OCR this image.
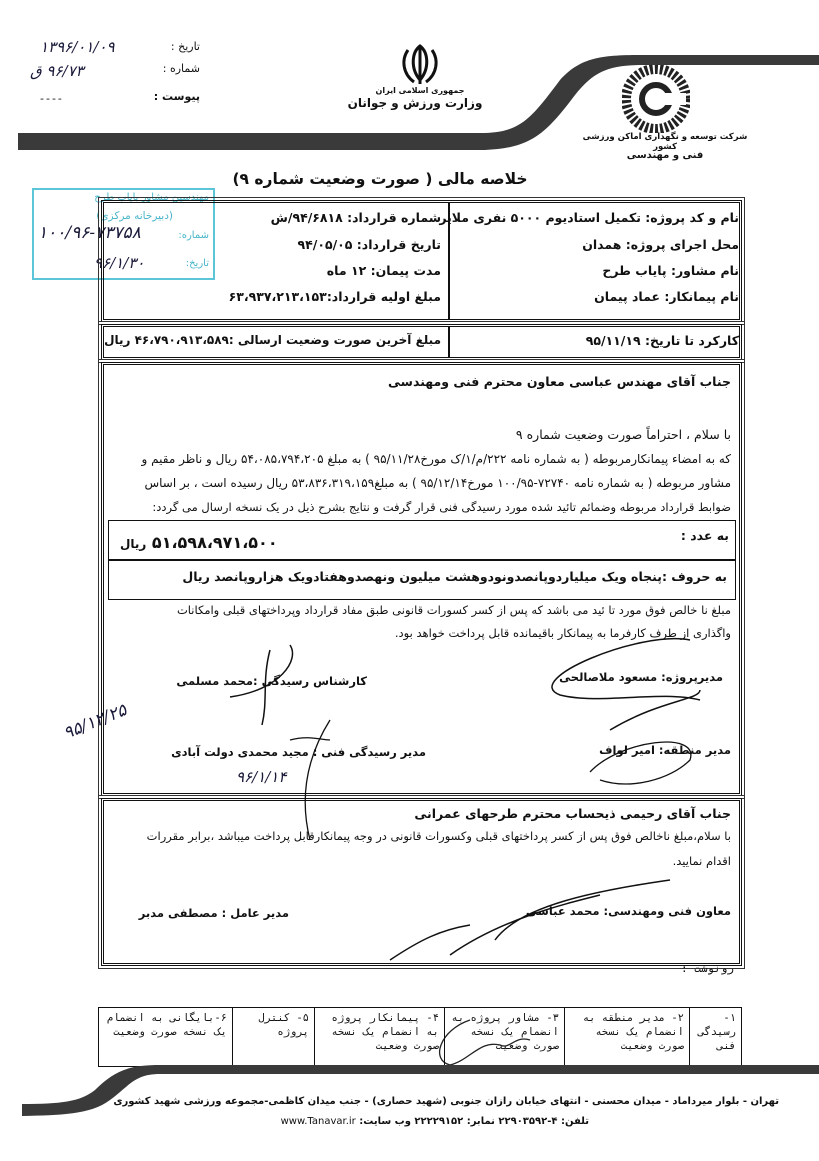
تاریخ :
۱۳۹۶/۰۱/۰۹
شماره :
۹۶/۷۳ ق
پیوست :
----
جمهوری اسلامی ایران
وزارت ورزش و جوانان
شرکت توسعه و نگهداری اماکن ورزشی کشور
فنی و مهندسی
مهندسین مشاور پایاب طرح
(دبیرخانه مرکزی)
شماره:
۱۰۰/۹۶-۷۳۷۵۸
تاریخ:
۹۶/۱/۳۰
خلاصه مالی ( صورت وضعیت شماره ۹)
نام و کد پروژه: تکمیل استادیوم ۵۰۰۰ نفری ملایر
محل اجرای پروژه: همدان
نام مشاور: پایاب طرح
نام پیمانکار: عماد پیمان
شماره قرارداد: ۹۴/۶۸۱۸/ش
تاریخ قرارداد: ۹۴/۰۵/۰۵
مدت پیمان: ۱۲ ماه
مبلغ اولیه قرارداد:۶۳،۹۳۷،۲۱۳،۱۵۳
کارکرد تا تاریخ: ۹۵/۱۱/۱۹
مبلغ آخرین صورت وضعیت ارسالی :۴۶،۷۹۰،۹۱۳،۵۸۹ ریال
جناب آقای مهندس عباسی معاون محترم فنی ومهندسی

با سلام ، احتراماً صورت وضعیت شماره ۹

که به امضاء پیمانکارمربوطه ( به شماره نامه ۲۲۲/م/۱/ک مورخ۹۵/۱۱/۲۸ ) به مبلغ ۵۴،۰۸۵،۷۹۴،۲۰۵ ریال و ناظر مقیم و

مشاور مربوطه ( به شماره نامه ۷۲۷۴۰-۱۰۰/۹۵ مورخ۹۵/۱۲/۱۴ ) به مبلغ۵۳،۸۳۶،۳۱۹،۱۵۹ ریال رسیده است ، بر اساس

ضوابط قرارداد مربوطه وضمائم تائید شده مورد رسیدگی فنی قرار گرفت و نتایج بشرح ذیل در یک نسخه ارسال می گردد:

به عدد :
۵۱،۵۹۸،۹۷۱،۵۰۰ ریال
به حروف :پنجاه ویک میلیاردوپانصدونودوهشت میلیون ونهصدوهفتادویک هزاروپانصد ریال

مبلغ نا خالص فوق مورد تا ئید می باشد که پس از کسر کسورات قانونی طبق مفاد قرارداد وپرداختهای قبلی وامکانات

واگذاری از طرف کارفرما به پیمانکار باقیمانده قابل پرداخت خواهد بود.

مدیرپروژه: مسعود ملاصالحی
کارشناس رسیدگی :محمد مسلمی
مدیر منطقه: امیر لواف
مدیر رسیدگی فنی : مجید محمدی دولت آبادی
۹۵/۱۲/۲۵
۹۶/۱/۱۴
جناب آقای رحیمی ذیحساب محترم طرحهای عمرانی

با سلام،مبلغ ناخالص فوق پس از کسر پرداختهای قبلی وکسورات قانونی در وجه پیمانکارقابل پرداخت میباشد ،برابر مقررات

اقدام نمایید.

معاون فنی ومهندسی: محمد عباسی
مدیر عامل : مصطفی مدبر
رونوشت :
۱- رسیدگی فنی
۲- مدیر منطقه به انضمام یک نسخه صورت وضعیت
۳- مشاور پروژه به انضمام یک نسخه صورت وضعیت
۴- پیمانکار پروژه به انضمام یک نسخه صورت وضعیت
۵- کنترل پروژه
۶-بایگانی به انضمام یک نسخه صورت وضعیت
تهران - بلوار میرداماد - میدان محسنی - انتهای خیابان رازان جنوبی (شهید حصاری) - جنب میدان کاظمی-مجموعه ورزشی شهید کشوری
تلفن: ۴-۲۲۹۰۳۵۹۲ نمابر: ۲۲۲۲۹۱۵۲ وب سایت: www.Tanavar.ir
